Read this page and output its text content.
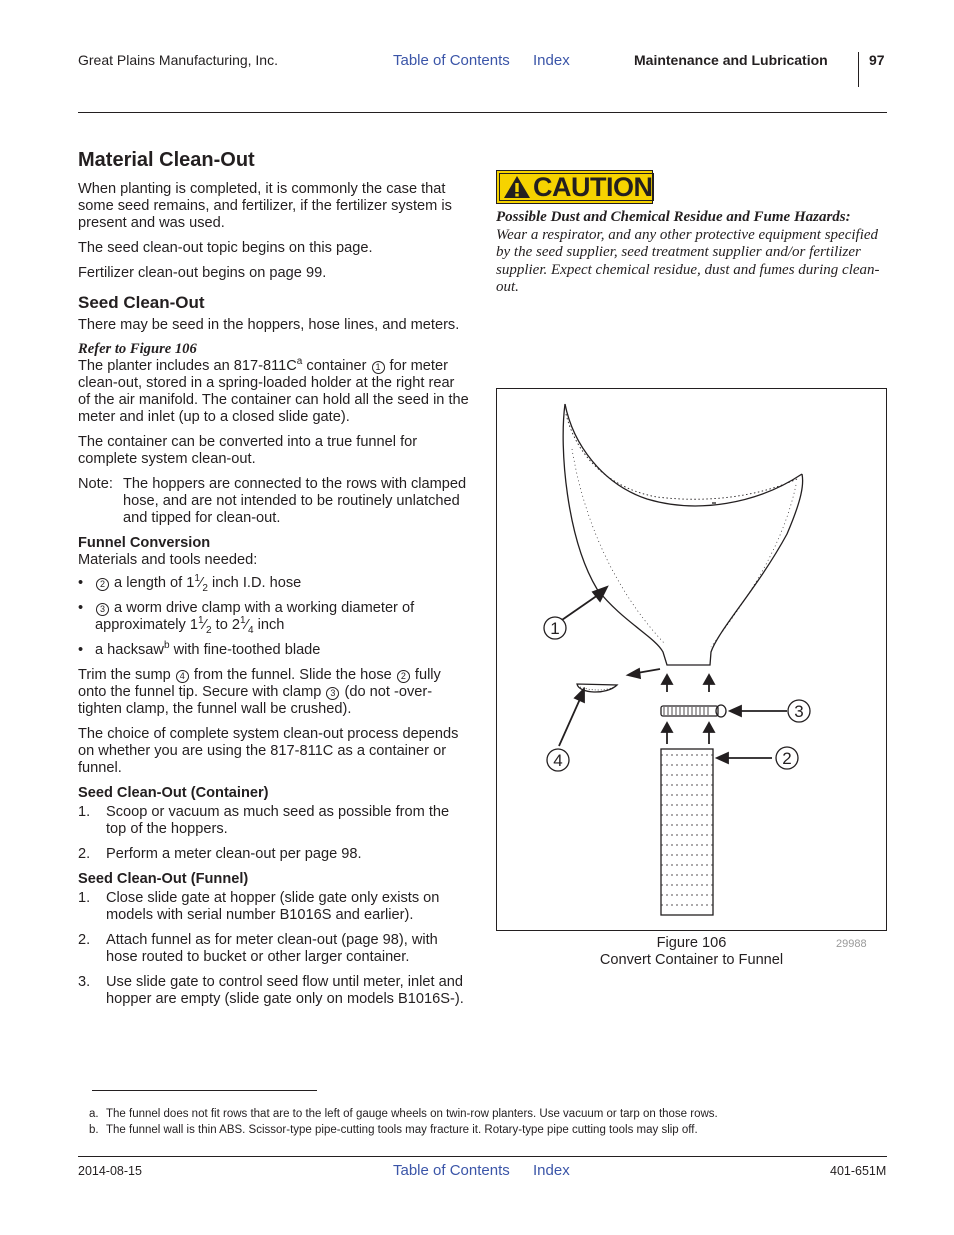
Great Plains Manufacturing, Inc.	Table of Contents Index	Maintenance and Lubrication	97
Material Clean-Out

When planting is completed, it is commonly the case that some seed remains, and fertilizer, if the fertilizer system is present and was used.

The seed clean-out topic begins on this page.

Fertilizer clean-out begins on page 99.

Seed Clean-Out

There may be seed in the hoppers, hose lines, and meters.

Refer to Figure 106

The planter includes an $817-811C^a$ container 1 for meter clean-out, stored in a spring-loaded holder at the right rear of the air manifold. The container can hold all the seed in the meter and inlet (up to a closed slide gate).

The container can be converted into a true funnel for complete system clean-out.

Note: The hoppers are connected to the rows with clamped hose, and are not intended to be routinely unlatched and tipped for clean-out.
Funnel Conversion

Materials and tools needed:

• 2 a length of $1^1⁄_2$ inch I.D. hose
• 3 a worm drive clamp with a working diameter of approximately $1^1⁄_2$ to $2^1⁄_4$ inch
• a hacksaw$^b$ with fine-toothed blade

Trim the sump 4 from the funnel. Slide the hose 2 fully onto the funnel tip. Secure with clamp 3 (do not -over-tighten clamp, the funnel wall be crushed).

The choice of complete system clean-out process depends on whether you are using the 817-811C as a container or funnel.

Seed Clean-Out (Container)
1.	Scoop or vacuum as much seed as possible from the top of the hoppers.
2.	Perform a meter clean-out per page 98.
Seed Clean-Out (Funnel)
1.	Close slide gate at hopper (slide gate only exists on models with serial number B1016S and earlier).
2.	Attach funnel as for meter clean-out (page 98), with hose routed to bucket or other larger container.
3.	Use slide gate to control seed flow until meter, inlet and hopper are empty (slide gate only on models B1016S-).
CAUTION
Possible Dust and Chemical Residue and Fume Hazards:
Wear a respirator, and any other protective equipment specified by the seed supplier, seed treatment supplier and/or fertilizer supplier. Expect chemical residue, dust and fumes during clean-out.
1
2
3
4
29988
Figure 106
Convert Container to Funnel
a. The funnel does not fit rows that are to the left of gauge wheels on twin-row planters. Use vacuum or tarp on those rows.
b. The funnel wall is thin ABS. Scissor-type pipe-cutting tools may fracture it. Rotary-type pipe cutting tools may slip off.
2014-08-15	Table of Contents Index	401-651M
